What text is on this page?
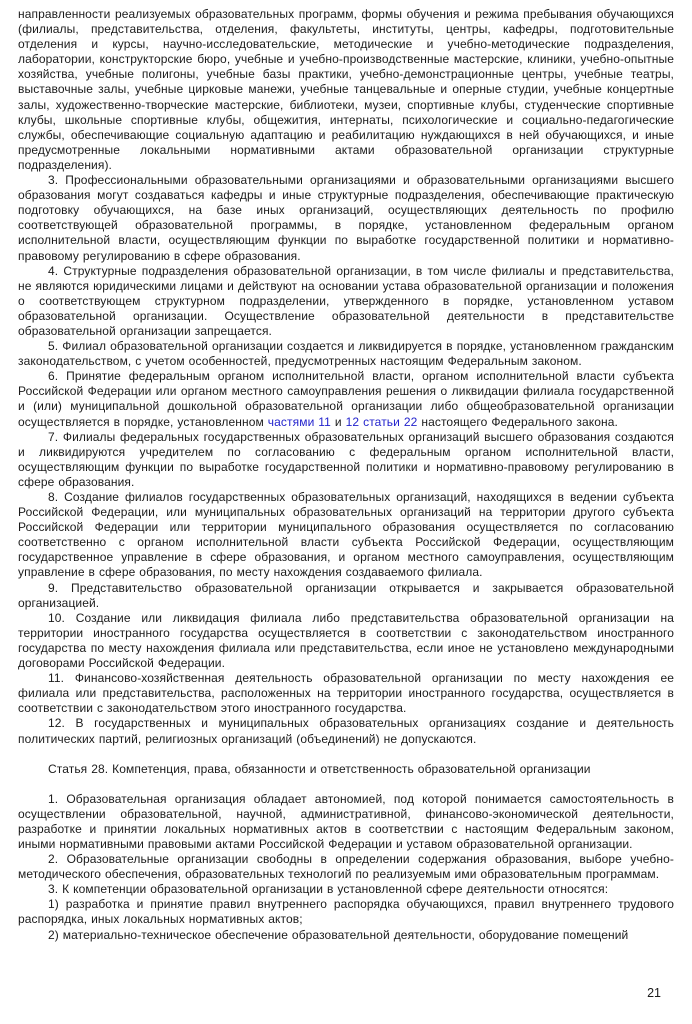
направленности реализуемых образовательных программ, формы обучения и режима пребывания обучающихся (филиалы, представительства, отделения, факультеты, институты, центры, кафедры, подготовительные отделения и курсы, научно-исследовательские, методические и учебно-методические подразделения, лаборатории, конструкторские бюро, учебные и учебно-производственные мастерские, клиники, учебно-опытные хозяйства, учебные полигоны, учебные базы практики, учебно-демонстрационные центры, учебные театры, выставочные залы, учебные цирковые манежи, учебные танцевальные и оперные студии, учебные концертные залы, художественно-творческие мастерские, библиотеки, музеи, спортивные клубы, студенческие спортивные клубы, школьные спортивные клубы, общежития, интернаты, психологические и социально-педагогические службы, обеспечивающие социальную адаптацию и реабилитацию нуждающихся в ней обучающихся, и иные предусмотренные локальными нормативными актами образовательной организации структурные подразделения).

3. Профессиональными образовательными организациями и образовательными организациями высшего образования могут создаваться кафедры и иные структурные подразделения, обеспечивающие практическую подготовку обучающихся, на базе иных организаций, осуществляющих деятельность по профилю соответствующей образовательной программы, в порядке, установленном федеральным органом исполнительной власти, осуществляющим функции по выработке государственной политики и нормативно-правовому регулированию в сфере образования.

4. Структурные подразделения образовательной организации, в том числе филиалы и представительства, не являются юридическими лицами и действуют на основании устава образовательной организации и положения о соответствующем структурном подразделении, утвержденного в порядке, установленном уставом образовательной организации. Осуществление образовательной деятельности в представительстве образовательной организации запрещается.

5. Филиал образовательной организации создается и ликвидируется в порядке, установленном гражданским законодательством, с учетом особенностей, предусмотренных настоящим Федеральным законом.

6. Принятие федеральным органом исполнительной власти, органом исполнительной власти субъекта Российской Федерации или органом местного самоуправления решения о ликвидации филиала государственной и (или) муниципальной дошкольной образовательной организации либо общеобразовательной организации осуществляется в порядке, установленном частями 11 и 12 статьи 22 настоящего Федерального закона.

7. Филиалы федеральных государственных образовательных организаций высшего образования создаются и ликвидируются учредителем по согласованию с федеральным органом исполнительной власти, осуществляющим функции по выработке государственной политики и нормативно-правовому регулированию в сфере образования.

8. Создание филиалов государственных образовательных организаций, находящихся в ведении субъекта Российской Федерации, или муниципальных образовательных организаций на территории другого субъекта Российской Федерации или территории муниципального образования осуществляется по согласованию соответственно с органом исполнительной власти субъекта Российской Федерации, осуществляющим государственное управление в сфере образования, и органом местного самоуправления, осуществляющим управление в сфере образования, по месту нахождения создаваемого филиала.

9. Представительство образовательной организации открывается и закрывается образовательной организацией.

10. Создание или ликвидация филиала либо представительства образовательной организации на территории иностранного государства осуществляется в соответствии с законодательством иностранного государства по месту нахождения филиала или представительства, если иное не установлено международными договорами Российской Федерации.

11. Финансово-хозяйственная деятельность образовательной организации по месту нахождения ее филиала или представительства, расположенных на территории иностранного государства, осуществляется в соответствии с законодательством этого иностранного государства.

12. В государственных и муниципальных образовательных организациях создание и деятельность политических партий, религиозных организаций (объединений) не допускаются.

Статья 28. Компетенция, права, обязанности и ответственность образовательной организации

1. Образовательная организация обладает автономией, под которой понимается самостоятельность в осуществлении образовательной, научной, административной, финансово-экономической деятельности, разработке и принятии локальных нормативных актов в соответствии с настоящим Федеральным законом, иными нормативными правовыми актами Российской Федерации и уставом образовательной организации.

2. Образовательные организации свободны в определении содержания образования, выборе учебно-методического обеспечения, образовательных технологий по реализуемым ими образовательным программам.

3. К компетенции образовательной организации в установленной сфере деятельности относятся:

1) разработка и принятие правил внутреннего распорядка обучающихся, правил внутреннего трудового распорядка, иных локальных нормативных актов;

2) материально-техническое обеспечение образовательной деятельности, оборудование помещений

21
